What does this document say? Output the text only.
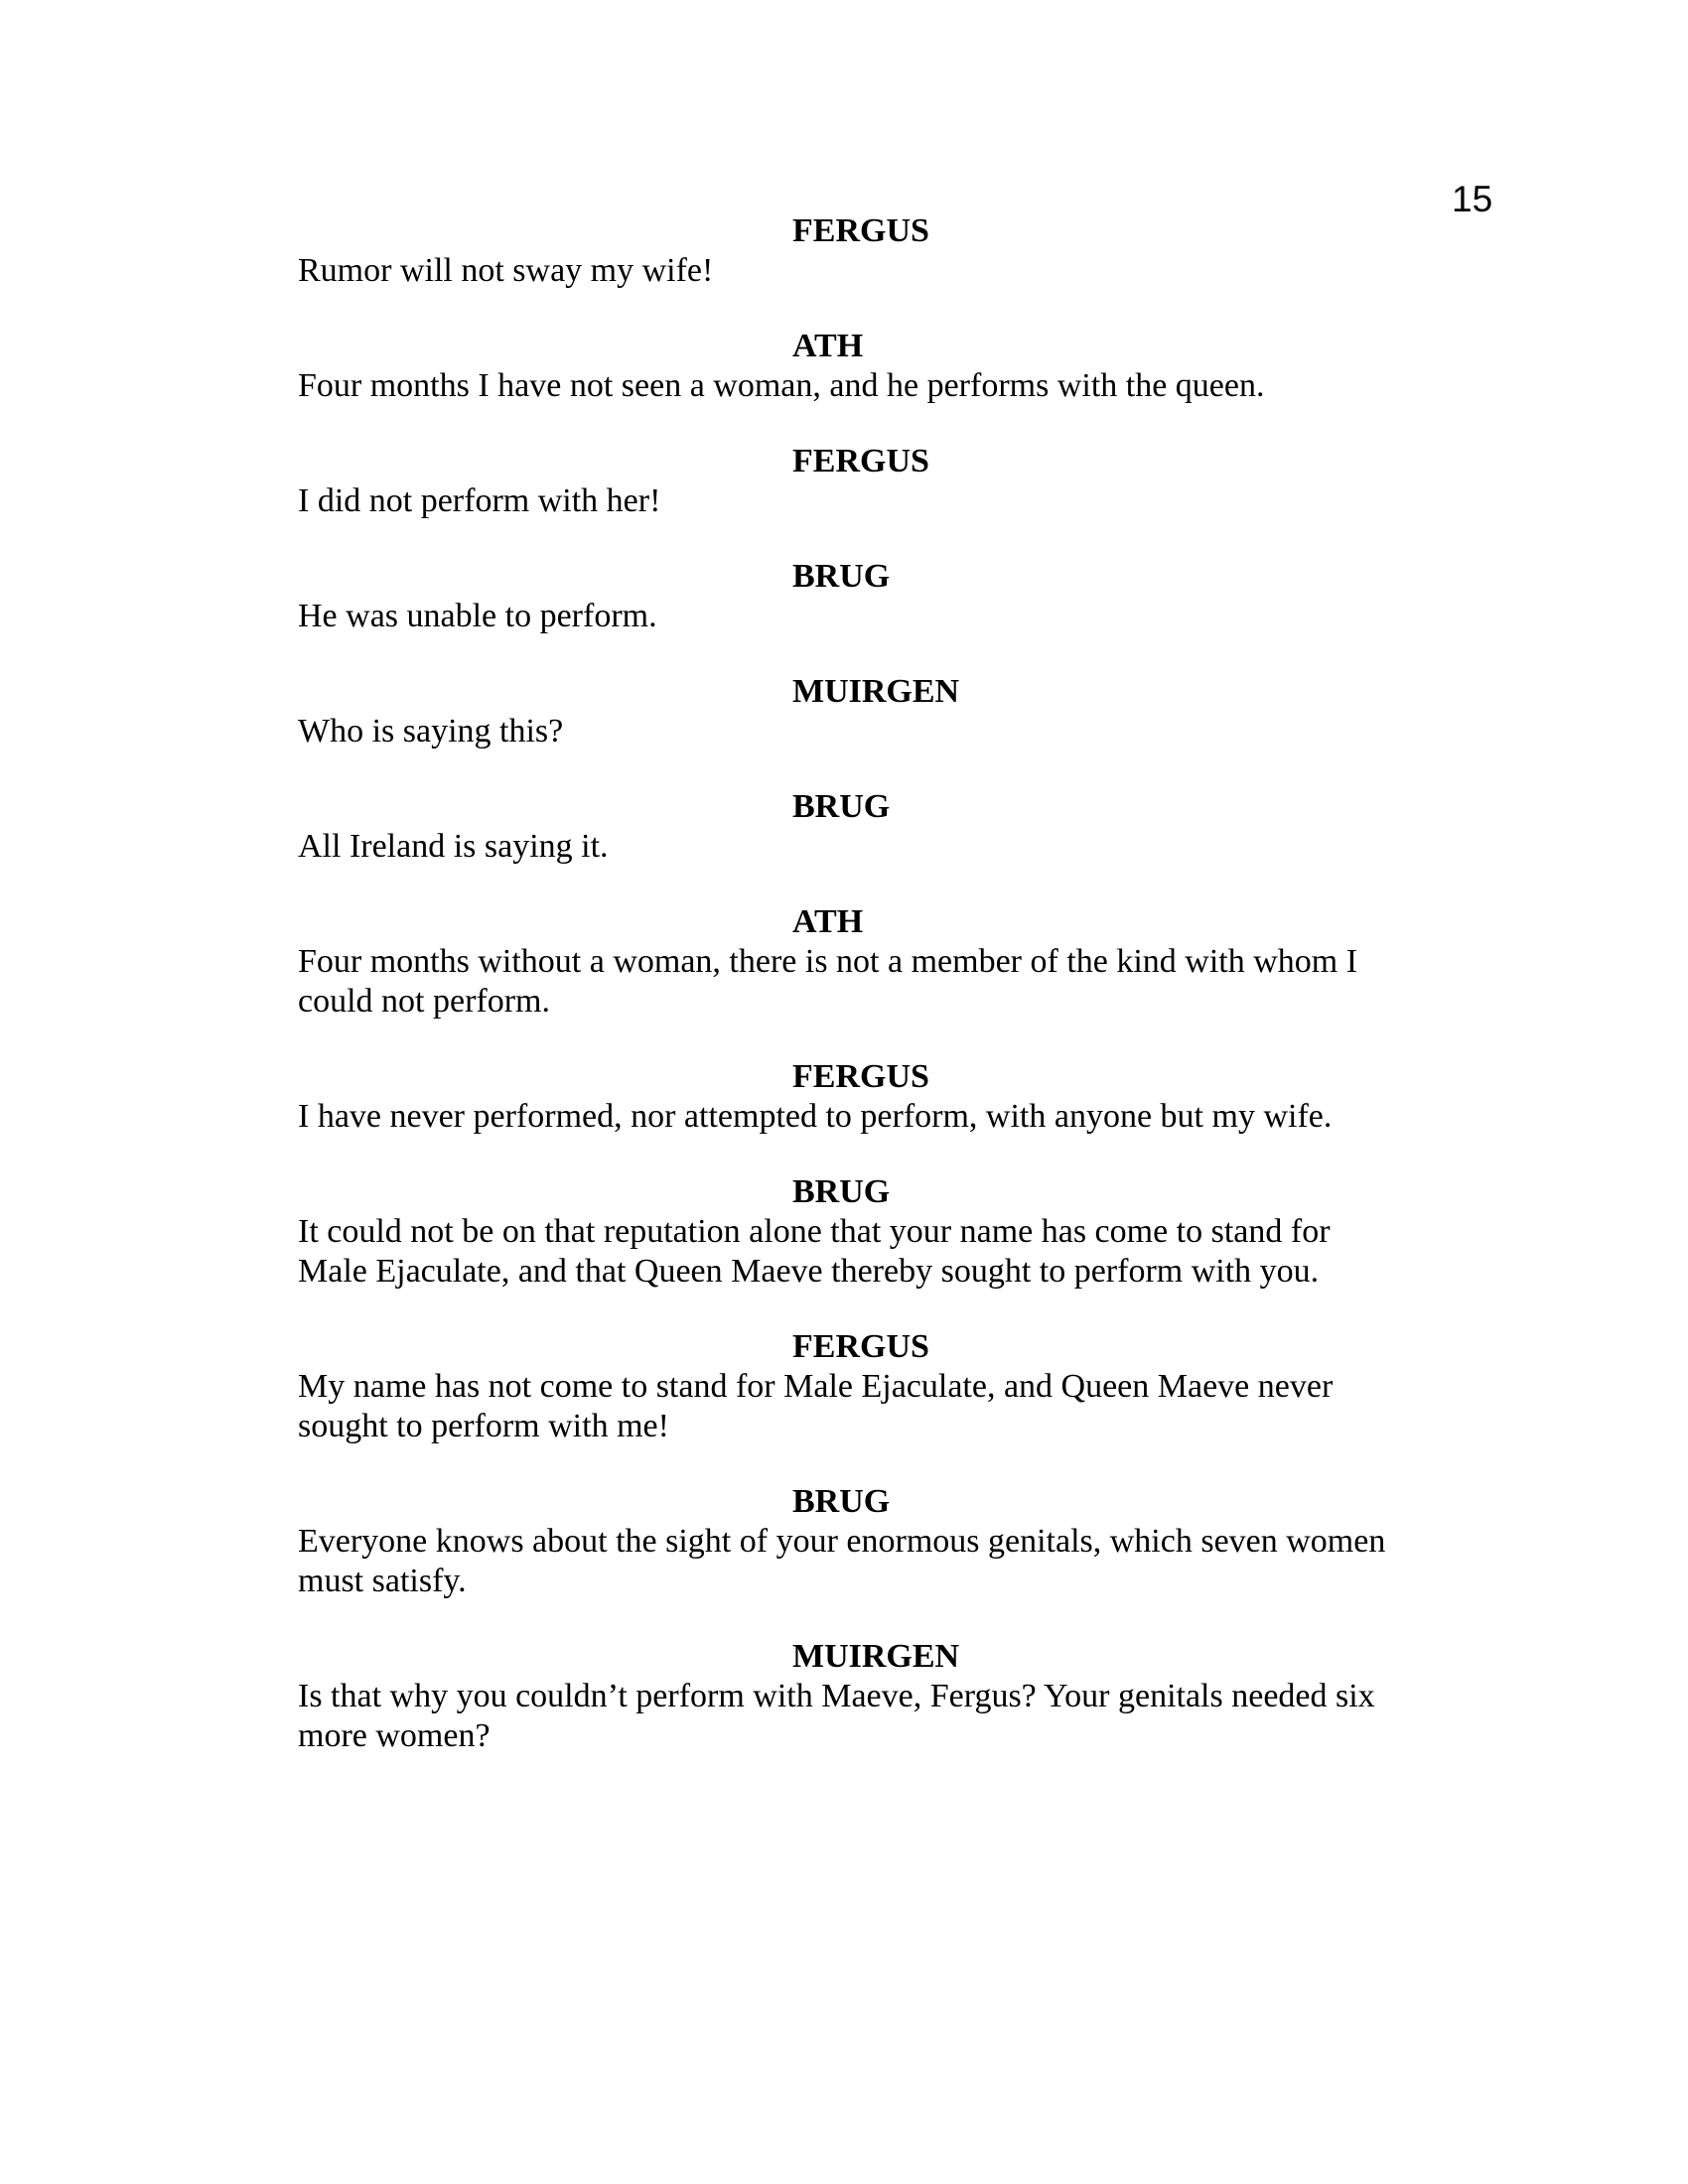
15
FERGUS
Rumor will not sway my wife!
ATH
Four months I have not seen a woman, and he performs with the queen.
FERGUS
I did not perform with her!
BRUG
He was unable to perform.
MUIRGEN
Who is saying this?
BRUG
All Ireland is saying it.
ATH
Four months without a woman, there is not a member of the kind with whom I
could not perform.
FERGUS
I have never performed, nor attempted to perform, with anyone but my wife.
BRUG
It could not be on that reputation alone that your name has come to stand for
Male Ejaculate, and that Queen Maeve thereby sought to perform with you.
FERGUS
My name has not come to stand for Male Ejaculate, and Queen Maeve never
sought to perform with me!
BRUG
Everyone knows about the sight of your enormous genitals, which seven women
must satisfy.
MUIRGEN
Is that why you couldn’t perform with Maeve, Fergus? Your genitals needed six
more women?
